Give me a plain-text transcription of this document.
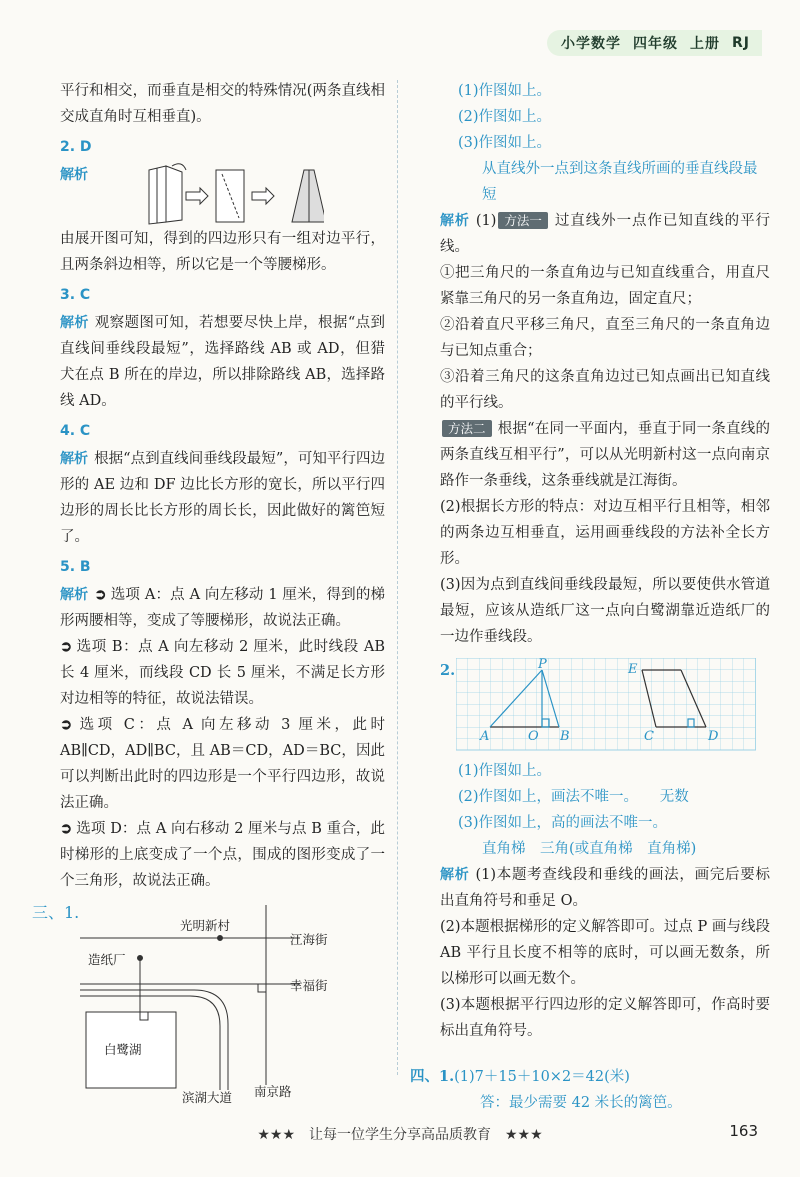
小学数学 四年级 上册 RJ

平行和相交，而垂直是相交的特殊情况(两条直线相交成直角时互相垂直)。

2. D
解析

由展开图可知，得到的四边形只有一组对边平行，且两条斜边相等，所以它是一个等腰梯形。

3. C

解析 观察题图可知，若想要尽快上岸，根据“点到直线间垂线段最短”，选择路线 AB 或 AD，但猎犬在点 B 所在的岸边，所以排除路线 AB，选择路线 AD。

4. C

解析 根据“点到直线间垂线段最短”，可知平行四边形的 AE 边和 DF 边比长方形的宽长，所以平行四边形的周长比长方形的周长长，因此做好的篱笆短了。

5. B

解析 ➲ 选项 A：点 A 向左移动 1 厘米，得到的梯形两腰相等，变成了等腰梯形，故说法正确。

➲ 选项 B：点 A 向左移动 2 厘米，此时线段 AB 长 4 厘米，而线段 CD 长 5 厘米，不满足长方形对边相等的特征，故说法错误。

➲ 选项 C：点 A 向左移动 3 厘米，此时 AB∥CD，AD∥BC，且 AB＝CD，AD＝BC，因此可以判断出此时的四边形是一个平行四边形，故说法正确。

➲ 选项 D：点 A 向右移动 2 厘米与点 B 重合，此时梯形的上底变成了一个点，围成的图形变成了一个三角形，故说法正确。

三、1.
光明新村
江海街
造纸厂
幸福街
白鹭湖
滨湖大道 南京路
(1)作图如上。
(2)作图如上。
(3)作图如上。
从直线外一点到这条直线所画的垂直线段最短

解析 (1) 方法一 过直线外一点作已知直线的平行线。

①把三角尺的一条直角边与已知直线重合，用直尺紧靠三角尺的另一条直角边，固定直尺；

②沿着直尺平移三角尺，直至三角尺的一条直角边与已知点重合；

③沿着三角尺的这条直角边过已知点画出已知直线的平行线。

方法二 根据“在同一平面内，垂直于同一条直线的两条直线互相平行”，可以从光明新村这一点向南京路作一条垂线，这条垂线就是江海街。

(2)根据长方形的特点：对边互相平行且相等，相邻的两条边互相垂直，运用画垂线段的方法补全长方形。

(3)因为点到直线间垂线段最短，所以要使供水管道最短，应该从造纸厂这一点向白鹭湖靠近造纸厂的一边作垂线段。

2.	P
A	O B
E
C	D
(1)作图如上。
(2)作图如上，画法不唯一。　　 无数
(3)作图如上，高的画法不唯一。
直角梯　三角(或直角梯　直角梯)

解析 (1)本题考查线段和垂线的画法，画完后要标出直角符号和垂足 O。

(2)本题根据梯形的定义解答即可。过点 P 画与线段 AB 平行且长度不相等的底时，可以画无数条，所以梯形可以画无数个。

(3)本题根据平行四边形的定义解答即可，作高时要标出直角符号。

四、1.(1)7＋15＋10×2＝42(米)
答：最少需要 42 米长的篱笆。
★★★　让每一位学生分享高品质教育　★★★	163
